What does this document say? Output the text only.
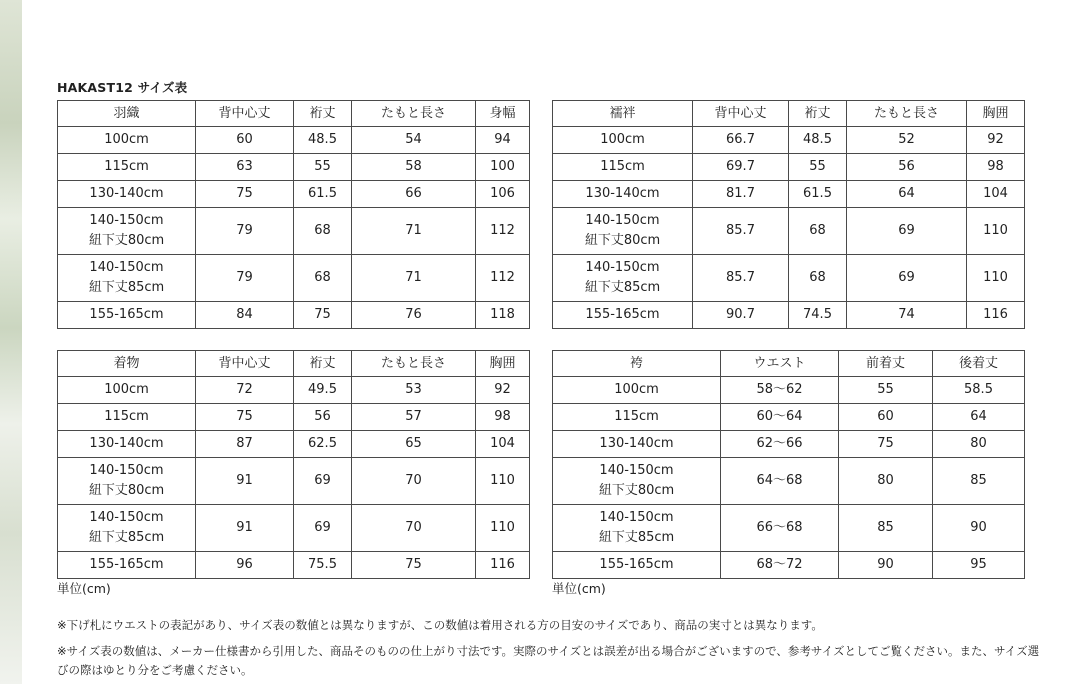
HAKAST12 サイズ表
羽織	背中心丈	裄丈	たもと長さ	身幅
100cm	60	48.5	54	94
115cm	63	55	58	100
130-140cm	75	61.5	66	106

140-150cm
紐下丈80cm	79	68	71	112

140-150cm
紐下丈85cm	79	68	71	112
155-165cm	84	75	76	118
襦袢	背中心丈	裄丈	たもと長さ	胸囲
100cm	66.7	48.5	52	92
115cm	69.7	55	56	98
130-140cm	81.7	61.5	64	104

140-150cm
紐下丈80cm	85.7	68	69	110

140-150cm
紐下丈85cm	85.7	68	69	110
155-165cm	90.7	74.5	74	116
着物	背中心丈	裄丈	たもと長さ	胸囲
100cm	72	49.5	53	92
115cm	75	56	57	98
130-140cm	87	62.5	65	104

140-150cm
紐下丈80cm	91	69	70	110

140-150cm
紐下丈85cm	91	69	70	110
155-165cm	96	75.5	75	116
袴	ウエスト	前着丈	後着丈
100cm	58〜62	55	58.5
115cm	60〜64	60	64
130-140cm	62〜66	75	80

140-150cm
紐下丈80cm	64〜68	80	85

140-150cm
紐下丈85cm	66〜68	85	90
155-165cm	68〜72	90	95
単位(cm)	単位(cm)
※下げ札にウエストの表記があり、サイズ表の数値とは異なりますが、この数値は着用される方の目安のサイズであり、商品の実寸とは異なります。
※サイズ表の数値は、メーカー仕様書から引用した、商品そのものの仕上がり寸法です。実際のサイズとは誤差が出る場合がございますので、参考サイズとしてご覧ください。また、サイズ選びの際はゆとり分をご考慮ください。
